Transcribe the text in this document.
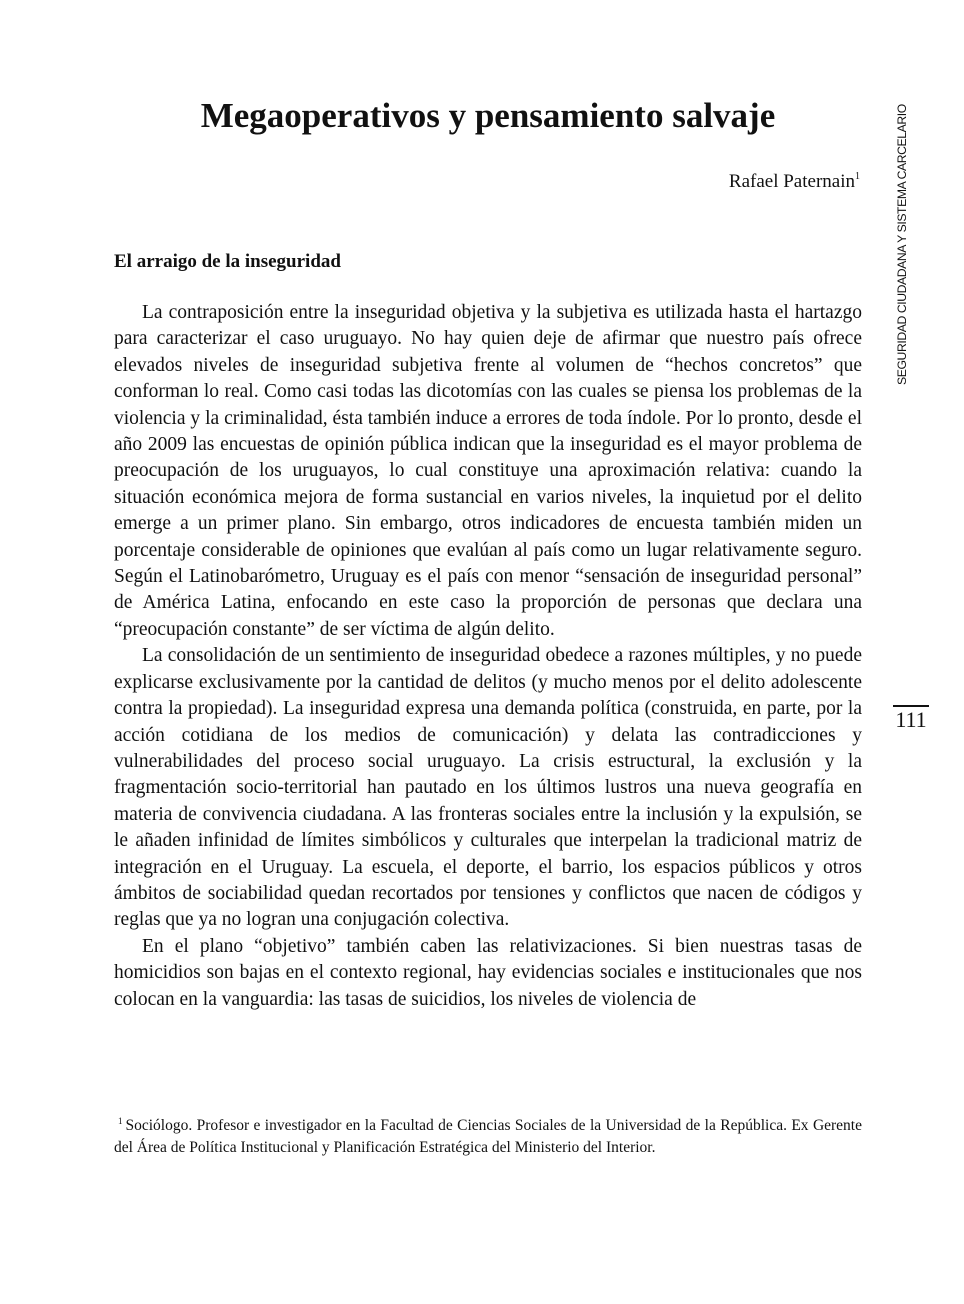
Megaoperativos y pensamiento salvaje
Rafael Paternain$^1$
El arraigo de la inseguridad

La contraposición entre la inseguridad objetiva y la subjetiva es utilizada hasta el hartazgo para caracterizar el caso uruguayo. No hay quien deje de afirmar que nuestro país ofrece elevados niveles de inseguridad subjetiva frente al volumen de “hechos concretos” que conforman lo real. Como casi todas las dicotomías con las cuales se piensa los problemas de la violencia y la criminalidad, ésta también induce a errores de toda índole. Por lo pronto, desde el año 2009 las encuestas de opinión pública indican que la inseguridad es el mayor problema de preocupación de los uruguayos, lo cual constituye una aproximación relativa: cuando la situación económica mejora de forma sustancial en varios niveles, la inquietud por el delito emerge a un primer plano. Sin embargo, otros indicadores de encuesta también miden un porcentaje considerable de opiniones que evalúan al país como un lugar relativamente seguro. Según el Latinobarómetro, Uruguay es el país con menor “sensación de inseguridad personal” de América Latina, enfocando en este caso la proporción de personas que declara una “preocupación constante” de ser víctima de algún delito.

La consolidación de un sentimiento de inseguridad obedece a razones múltiples, y no puede explicarse exclusivamente por la cantidad de delitos (y mucho menos por el delito adolescente contra la propiedad). La inseguridad expresa una demanda política (construida, en parte, por la acción cotidiana de los medios de comunicación) y delata las contradicciones y vulnerabilidades del proceso social uruguayo. La crisis estructural, la exclusión y la fragmentación socio-territorial han pautado en los últimos lustros una nueva geografía en materia de convivencia ciudadana. A las fronteras sociales entre la inclusión y la expulsión, se le añaden infinidad de límites simbólicos y culturales que interpelan la tradicional matriz de integración en el Uruguay. La escuela, el deporte, el barrio, los espacios públicos y otros ámbitos de sociabilidad quedan recortados por tensiones y conflictos que nacen de códigos y reglas que ya no logran una conjugación colectiva.

En el plano “objetivo” también caben las relativizaciones. Si bien nuestras tasas de homicidios son bajas en el contexto regional, hay evidencias sociales e institucionales que nos colocan en la vanguardia: las tasas de suicidios, los niveles de violencia de

$^1$ Sociólogo. Profesor e investigador en la Facultad de Ciencias Sociales de la Universidad de la República. Ex Gerente del Área de Política Institucional y Planificación Estratégica del Ministerio del Interior.
SEGURIDAD CIUDADANA Y SISTEMA CARCELARIO
111
